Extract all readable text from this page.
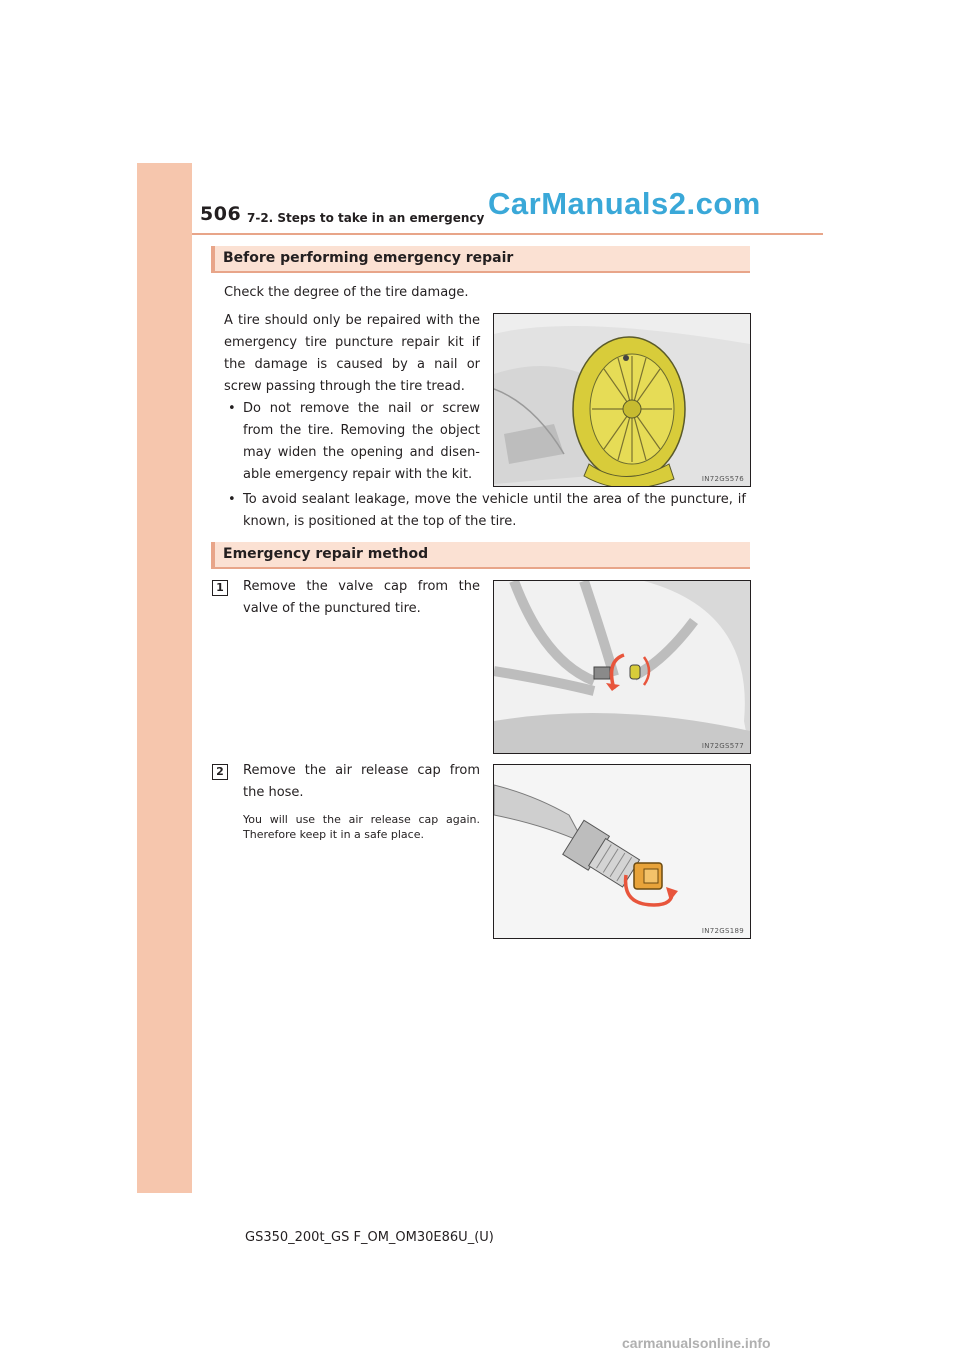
506 7-2. Steps to take in an emergency CarManuals2.com
Before performing emergency repair
Check the degree of the tire damage.
A tire should only be repaired with the emergency tire puncture repair kit if the damage is caused by a nail or screw passing through the tire tread.
• Do not remove the nail or screw from the tire. Removing the object may widen the opening and disen-able emergency repair with the kit.
• To avoid sealant leakage, move the vehicle until the area of the puncture, if known, is positioned at the top of the tire.
IN72GS576
Emergency repair method
1	Remove the valve cap from the valve of the punctured tire.
IN72GS577
2	Remove the air release cap from the hose.
You will use the air release cap again. Therefore keep it in a safe place.
IN72GS189
GS350_200t_GS F_OM_OM30E86U_(U)
carmanualsonline.info
